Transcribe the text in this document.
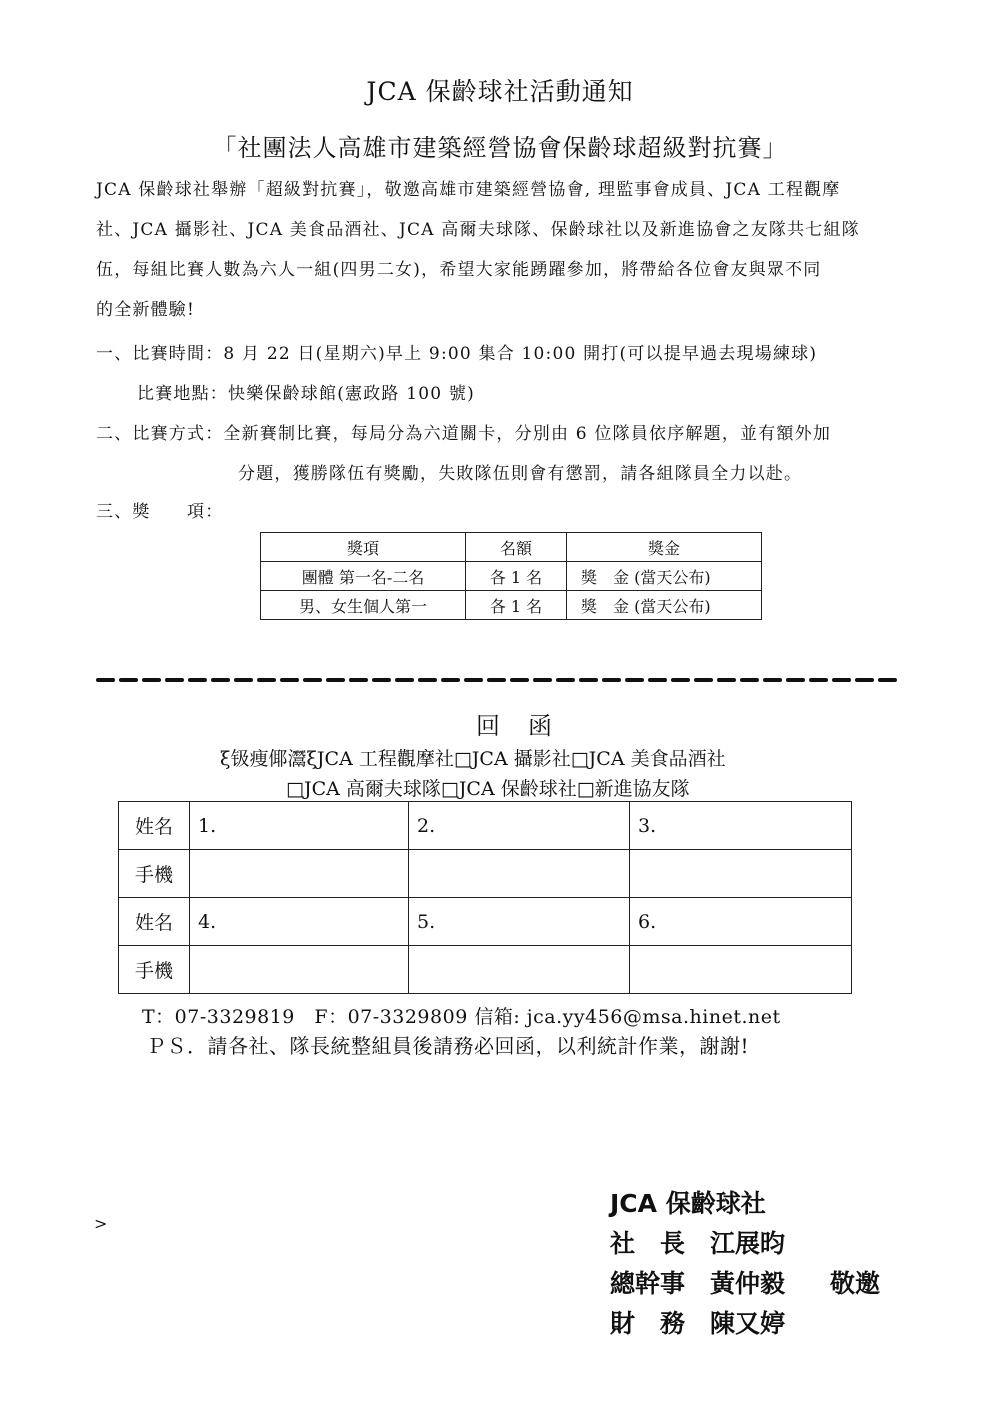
JCA 保齡球社活動通知
「社團法人高雄市建築經營協會保齡球超級對抗賽」
JCA 保齡球社舉辦「超級對抗賽」，敬邀高雄市建築經營協會, 理監事會成員、JCA 工程觀摩
社、JCA 攝影社、JCA 美食品酒社、JCA 高爾夫球隊、保齡球社以及新進協會之友隊共七組隊
伍，每組比賽人數為六人一組(四男二女)，希望大家能踴躍參加，將帶給各位會友與眾不同
的全新體驗!
一、比賽時間：8 月 22 日(星期六)早上 9:00 集合 10:00 開打(可以提早過去現場練球)
比賽地點：快樂保齡球館(憲政路 100 號)
二、比賽方式：全新賽制比賽，每局分為六道關卡，分別由 6 位隊員依序解題，並有額外加
分題，獲勝隊伍有獎勵，失敗隊伍則會有懲罰，請各組隊員全力以赴。
三、獎　　項：
獎項	名額	獎金
團體 第一名-二名	各 1 名	獎　金 (當天公布)
男、女生個人第一	各 1 名	獎　金 (當天公布)
回函
ξ钑痩倻灊ξJCA 工程觀摩社□JCA 攝影社□JCA 美食品酒社
□JCA 高爾夫球隊□JCA 保齡球社□新進協友隊
姓名	1.	2.	3.
手機			
姓名	4.	5.	6.
手機			
T：07-3329819　F：07-3329809 信箱: jca.yy456@msa.hinet.net
ＰＳ．請各社、隊長統整組員後請務必回函，以利統計作業，謝謝!
>
JCA 保齡球社
社　長 江展昀
總幹事 黃仲毅 敬邀
財　務 陳又婷
